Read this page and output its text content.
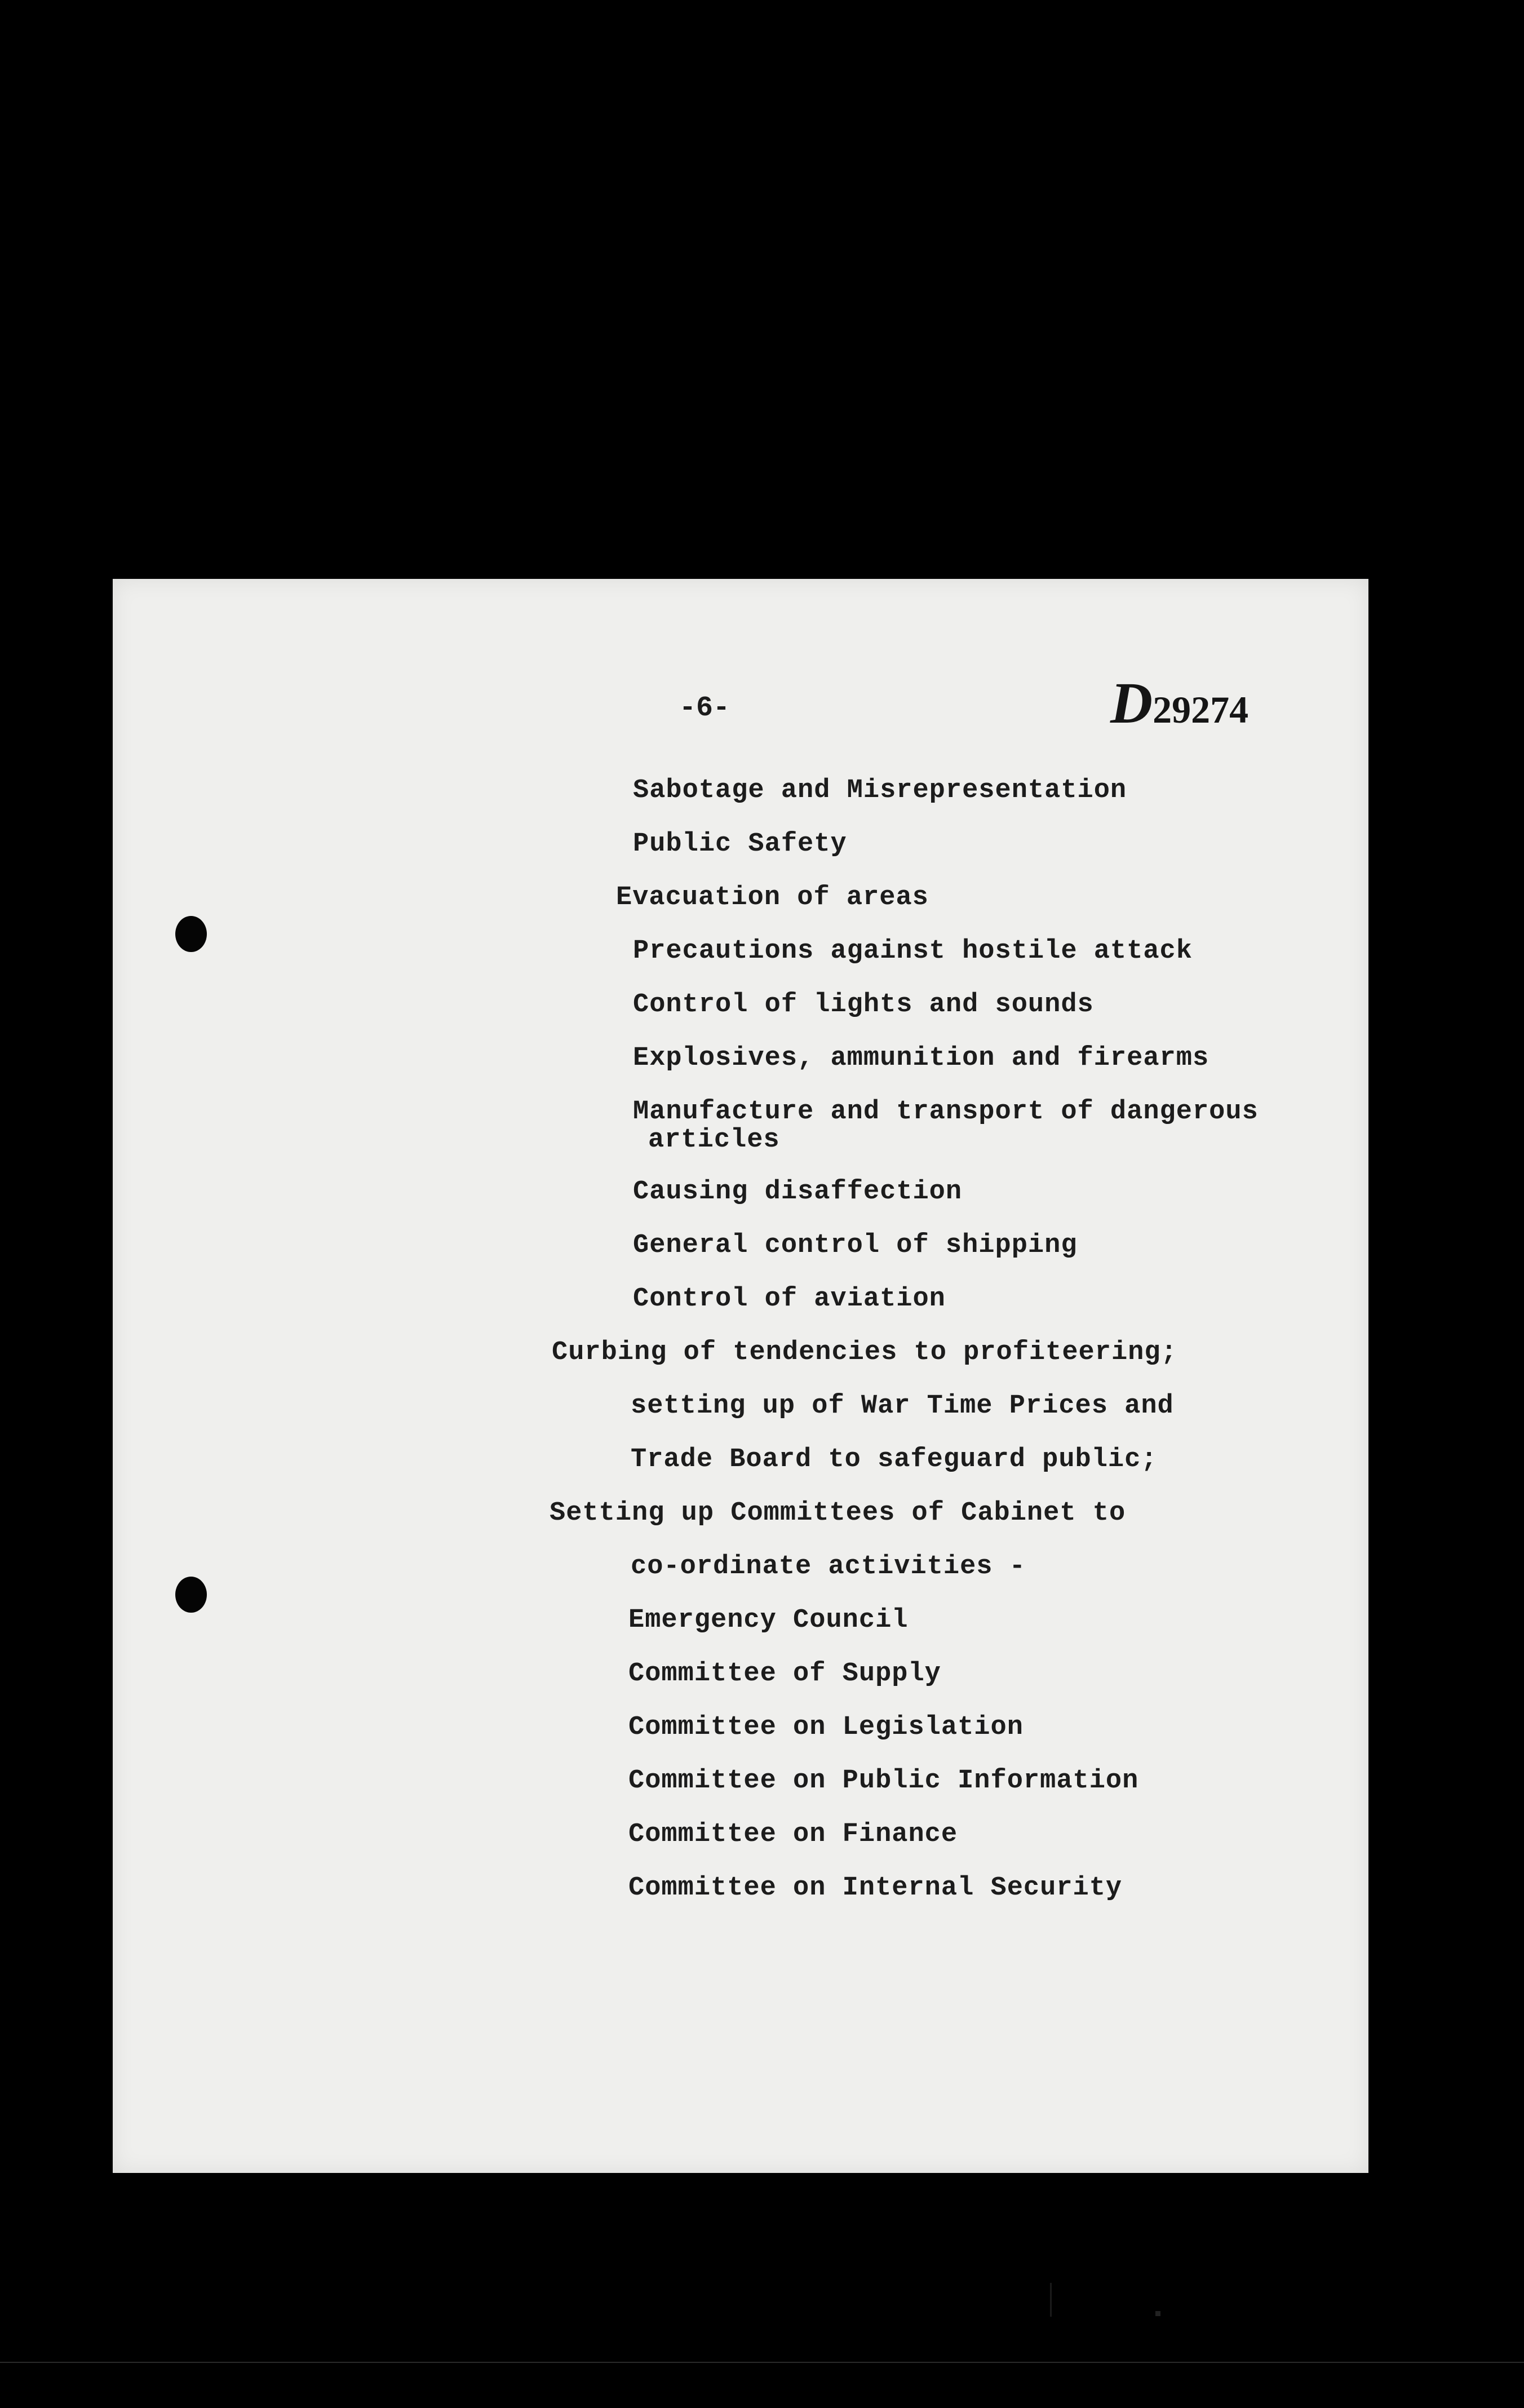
-6-	D29274
Sabotage and Misrepresentation
Public Safety
Evacuation of areas
Precautions against hostile attack
Control of lights and sounds
Explosives, ammunition and firearms
Manufacture and transport of dangerous
articles
Causing disaffection
General control of shipping
Control of aviation
Curbing of tendencies to profiteering;
setting up of War Time Prices and
Trade Board to safeguard public;
Setting up Committees of Cabinet to
co-ordinate activities -
Emergency Council
Committee of Supply
Committee on Legislation
Committee on Public Information
Committee on Finance
Committee on Internal Security
